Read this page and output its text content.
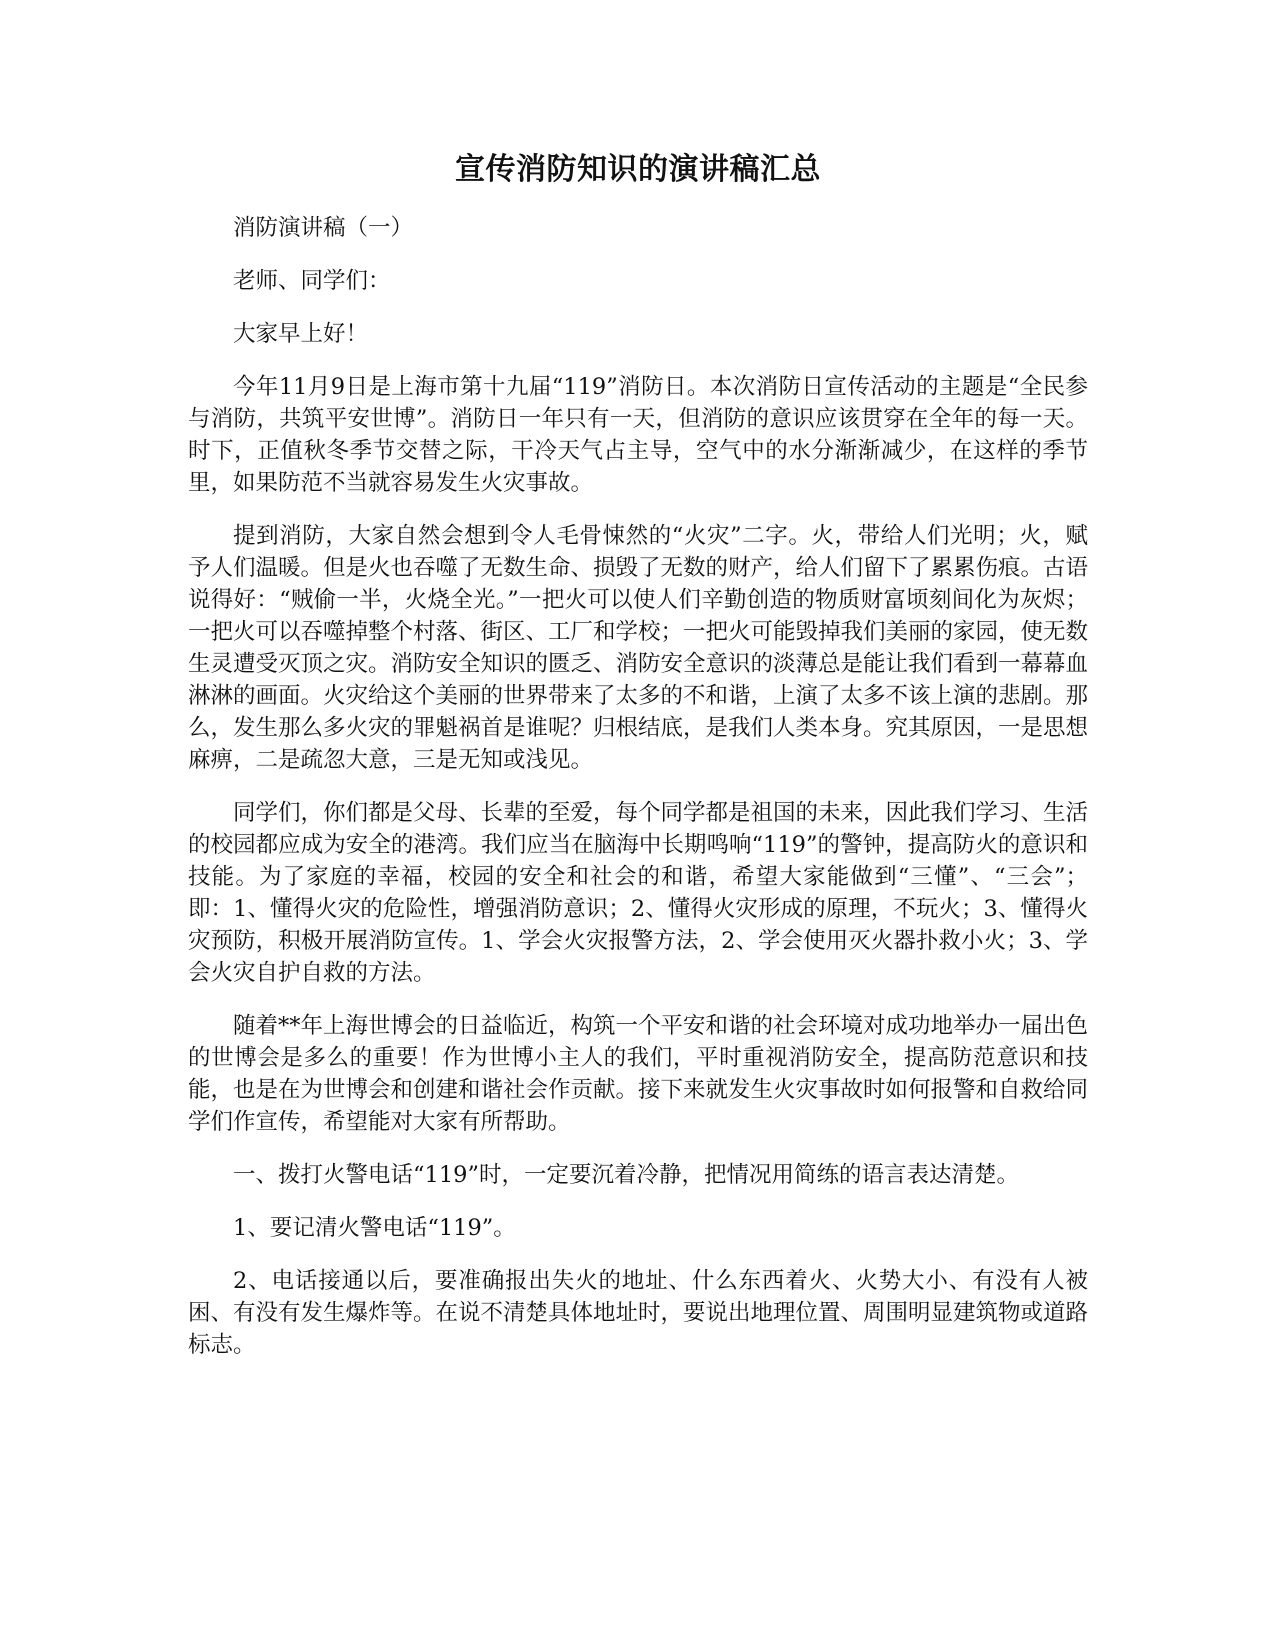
宣传消防知识的演讲稿汇总

消防演讲稿（一）

老师、同学们：

大家早上好！

今年11月9日是上海市第十九届“119”消防日。本次消防日宣传活动的主题是“全民参与消防，共筑平安世博”。消防日一年只有一天，但消防的意识应该贯穿在全年的每一天。时下，正值秋冬季节交替之际，干冷天气占主导，空气中的水分渐渐减少，在这样的季节里，如果防范不当就容易发生火灾事故。

提到消防，大家自然会想到令人毛骨悚然的“火灾”二字。火，带给人们光明；火，赋予人们温暖。但是火也吞噬了无数生命、损毁了无数的财产，给人们留下了累累伤痕。古语说得好：“贼偷一半，火烧全光。”一把火可以使人们辛勤创造的物质财富顷刻间化为灰烬；一把火可以吞噬掉整个村落、街区、工厂和学校；一把火可能毁掉我们美丽的家园，使无数生灵遭受灭顶之灾。消防安全知识的匮乏、消防安全意识的淡薄总是能让我们看到一幕幕血淋淋的画面。火灾给这个美丽的世界带来了太多的不和谐，上演了太多不该上演的悲剧。那么，发生那么多火灾的罪魁祸首是谁呢？归根结底，是我们人类本身。究其原因，一是思想麻痹，二是疏忽大意，三是无知或浅见。

同学们，你们都是父母、长辈的至爱，每个同学都是祖国的未来，因此我们学习、生活的校园都应成为安全的港湾。我们应当在脑海中长期鸣响“119”的警钟，提高防火的意识和技能。为了家庭的幸福，校园的安全和社会的和谐，希望大家能做到“三懂”、“三会”；即：1、懂得火灾的危险性，增强消防意识；2、懂得火灾形成的原理，不玩火；3、懂得火灾预防，积极开展消防宣传。1、学会火灾报警方法，2、学会使用灭火器扑救小火；3、学会火灾自护自救的方法。

随着**年上海世博会的日益临近，构筑一个平安和谐的社会环境对成功地举办一届出色的世博会是多么的重要！作为世博小主人的我们，平时重视消防安全，提高防范意识和技能，也是在为世博会和创建和谐社会作贡献。接下来就发生火灾事故时如何报警和自救给同学们作宣传，希望能对大家有所帮助。

一、拨打火警电话“119”时，一定要沉着冷静，把情况用简练的语言表达清楚。

1、要记清火警电话“119”。

2、电话接通以后，要准确报出失火的地址、什么东西着火、火势大小、有没有人被困、有没有发生爆炸等。在说不清楚具体地址时，要说出地理位置、周围明显建筑物或道路标志。
